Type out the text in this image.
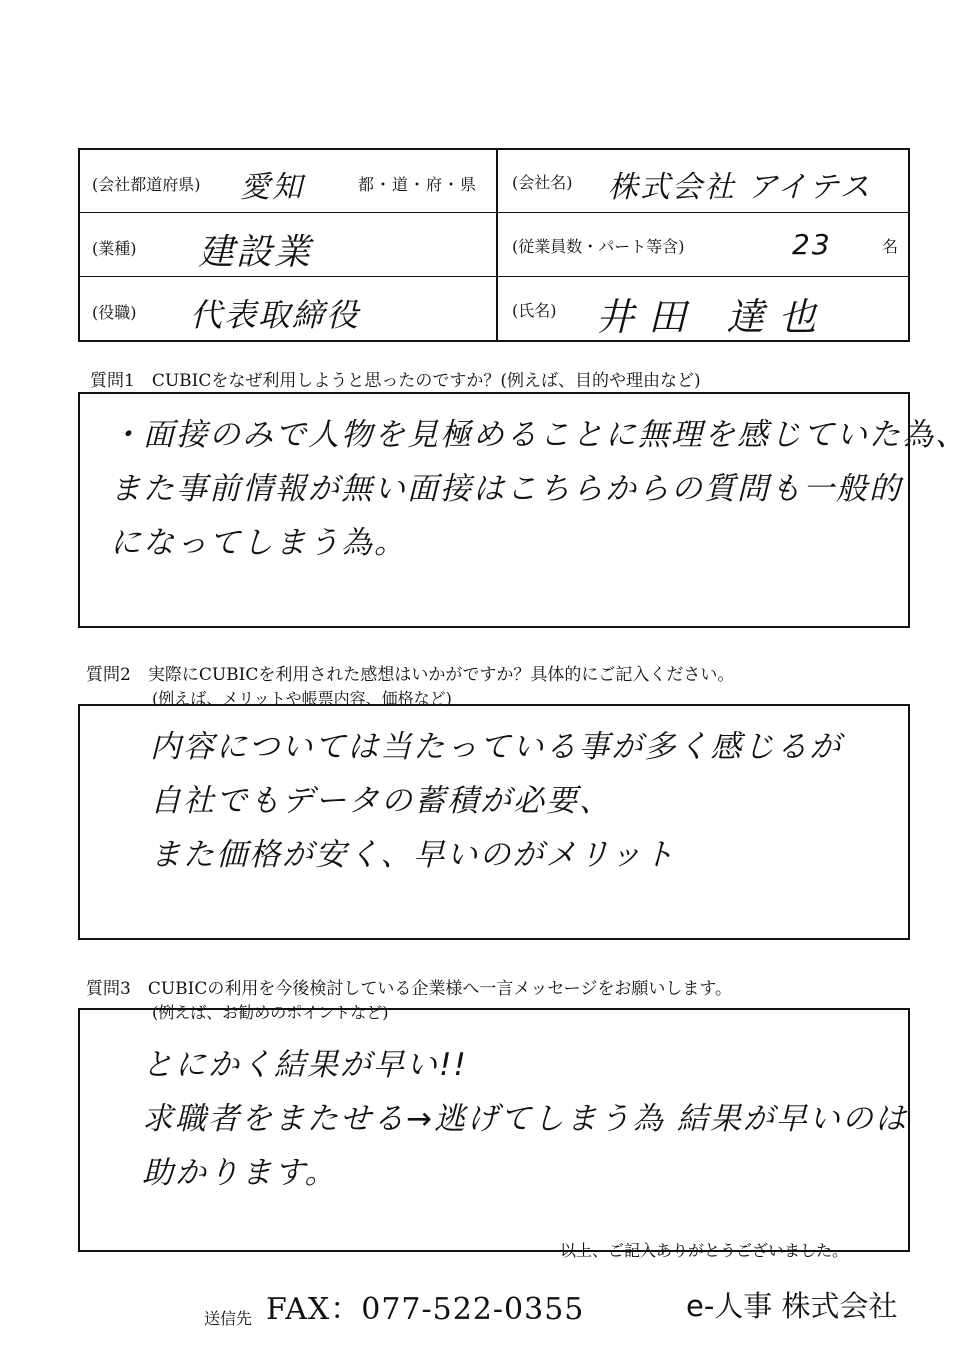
(会社都道府県) 愛知	都・道・府・県 (会社名) 株式会社 アイテス
(業種) 建設業	(従業員数・パート等含)	23	名
(役職) 代表取締役	(氏名) 井田 達也
質問1　CUBICをなぜ利用しようと思ったのですか？(例えば、目的や理由など)

・面接のみで人物を見極めることに無理を感じていた為、

また事前情報が無い面接はこちらからの質問も一般的

になってしまう為。

質問2　実際にCUBICを利用された感想はいかがですか？具体的にご記入ください。
(例えば、メリットや帳票内容、価格など)

内容については当たっている事が多く感じるが

自社でもデータの蓄積が必要、

また価格が安く、早いのがメリット

質問3　CUBICの利用を今後検討している企業様へ一言メッセージをお願いします。
(例えば、お勧めのポイントなど)

とにかく結果が早い!!

求職者をまたせる→逃げてしまう為 結果が早いのは

助かります。

以上、ご記入ありがとうございました。
送信先 FAX：077-522-0355	e-人事 株式会社
